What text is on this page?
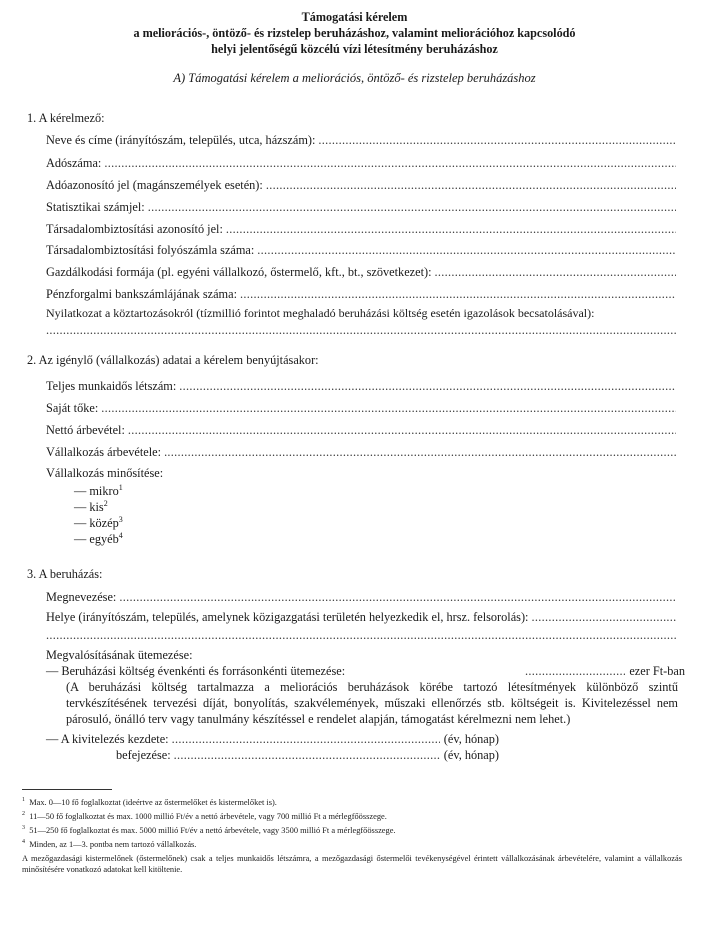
Támogatási kérelem
a meliorációs-, öntöző- és rizstelep beruházáshoz, valamint meliorációhoz kapcsolódó
helyi jelentőségű közcélú vízi létesítmény beruházáshoz
A) Támogatási kérelem a meliorációs, öntöző- és rizstelep beruházáshoz
1. A kérelmező:
Neve és címe (irányítószám, település, utca, házszám):
.....
Adószáma:
.....
Adóazonosító jel (magánszemélyek esetén):
.....
Statisztikai számjel:
.....
Társadalombiztosítási azonosító jel:
.....
Társadalombiztosítási folyószámla száma:
.....
Gazdálkodási formája (pl. egyéni vállalkozó, őstermelő, kft., bt., szövetkezet):
.....
Pénzforgalmi bankszámlájának száma:
.....
Nyilatkozat a köztartozásokról (tízmillió forintot meghaladó beruházási költség esetén igazolások becsatolásával):
.....
2. Az igénylő (vállalkozás) adatai a kérelem benyújtásakor:
Teljes munkaidős létszám:
.....
Saját tőke:
.....
Nettó árbevétel:
.....
Vállalkozás árbevétele:
.....
Vállalkozás minősítése:
— mikro$^1$
— kis$^2$
— közép$^3$
— egyéb$^4$
3. A beruházás:
Megnevezése:
.....
Helye (irányítószám, település, amelynek közigazgatási területén helyezkedik el, hrsz. felsorolás):
.....
.....
Megvalósításának ütemezése:
— Beruházási költség évenkénti és forrásonkénti ütemezése: .....	ezer Ft-ban
(A beruházási költség tartalmazza a meliorációs beruházások körébe tartozó létesítmények különböző szintű tervkészítésének tervezési díját, bonyolítás, szakvélemények, műszaki ellenőrzés stb. költségeit is. Kivitelezéssel nem párosuló, önálló terv vagy tanulmány készítéssel e rendelet alapján, támogatást kérelmezni nem lehet.)
— A kivitelezés kezdete: .....	(év, hónap)
befejezése: .....	(év, hónap)
$^1$ Max. 0—10 fő foglalkoztat (ideértve az őstermelőket és kistermelőket is).
$^2$ 11—50 fő foglalkoztat és max. 1000 millió Ft/év a nettó árbevétele, vagy 700 millió Ft a mérlegfőösszege.
$^3$ 51—250 fő foglalkoztat és max. 5000 millió Ft/év a nettó árbevétele, vagy 3500 millió Ft a mérlegfőösszege.
$^4$ Minden, az 1—3. pontba nem tartozó vállalkozás.
A mezőgazdasági kistermelőnek (őstermelőnek) csak a teljes munkaidős létszámra, a mezőgazdasági őstermelői tevékenységével érintett vállalkozásának árbevételére, valamint a vállalkozás minősítésére vonatkozó adatokat kell kitöltenie.
